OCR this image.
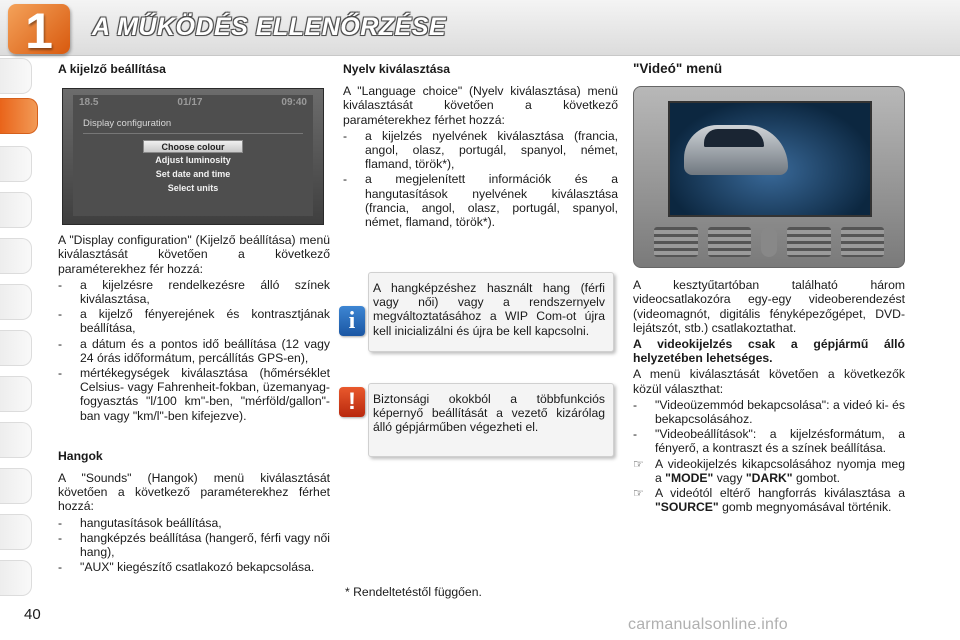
1	A MŰKÖDÉS ELLENŐRZÉSE
A kijelző beállítása
18.5	01/17	09:40
Display configuration
Choose colour
Adjust luminosity
Set date and time
Select units

A "Display configuration" (Kijelző beállítása) menü kiválasztását követően a következő paraméterekhez fér hozzá:

-	a kijelzésre rendelkezésre álló színek kiválasztása,
-	a kijelző fényerejének és kontrasztjának beállítása,
-	a dátum és a pontos idő beállítása (12 vagy 24 órás időformátum, percállítás GPS-en),
-	mértékegységek kiválasztása (hőmérséklet Celsius- vagy Fahrenheit-fokban, üzemanyag-fogyasztás "l/100 km"-ben, "mérföld/gallon"-ban vagy "km/l"-ben kifejezve).
Hangok

A "Sounds" (Hangok) menü kiválasztását követően a következő paraméterekhez férhet hozzá:

-	hangutasítások beállítása,
-	hangképzés beállítása (hangerő, férfi vagy női hang),
-	"AUX" kiegészítő csatlakozó bekapcsolása.
Nyelv kiválasztása

A "Language choice" (Nyelv kiválasztása) menü kiválasztását követően a következő paraméterekhez férhet hozzá:

-	a kijelzés nyelvének kiválasztása (francia, angol, olasz, portugál, spanyol, német, flamand, török*),
-	a megjelenített információk és a hangutasítások nyelvének kiválasztása (francia, angol, olasz, portugál, spanyol, német, flamand, török*).
i
A hangképzéshez használt hang (férfi vagy női) vagy a rendszernyelv megváltoztatásához a WIP Com-ot újra kell inicializálni és újra be kell kapcsolni.
!	Biztonsági okokból a többfunkciós képernyő beállítását a vezető kizárólag álló gépjárműben végezheti el.
* Rendeltetéstől függően.
"Videó" menü

A kesztyűtartóban található három videocsatlakozóra egy-egy videoberendezést (videomagnót, digitális fényképezőgépet, DVD-lejátszót, stb.) csatlakoztathat.

A videokijelzés csak a gépjármű álló helyzetében lehetséges.

A menü kiválasztását követően a következők közül választhat:

-	"Videoüzemmód bekapcsolása": a videó ki- és bekapcsolásához.
-	"Videobeállítások": a kijelzésformátum, a fényerő, a kontraszt és a színek beállítása.
☞ A videokijelzés kikapcsolásához nyomja meg a "MODE" vagy "DARK" gombot.
☞ A videótól eltérő hangforrás kiválasztása a "SOURCE" gomb megnyomásával történik.
40
carmanualsonline.info
